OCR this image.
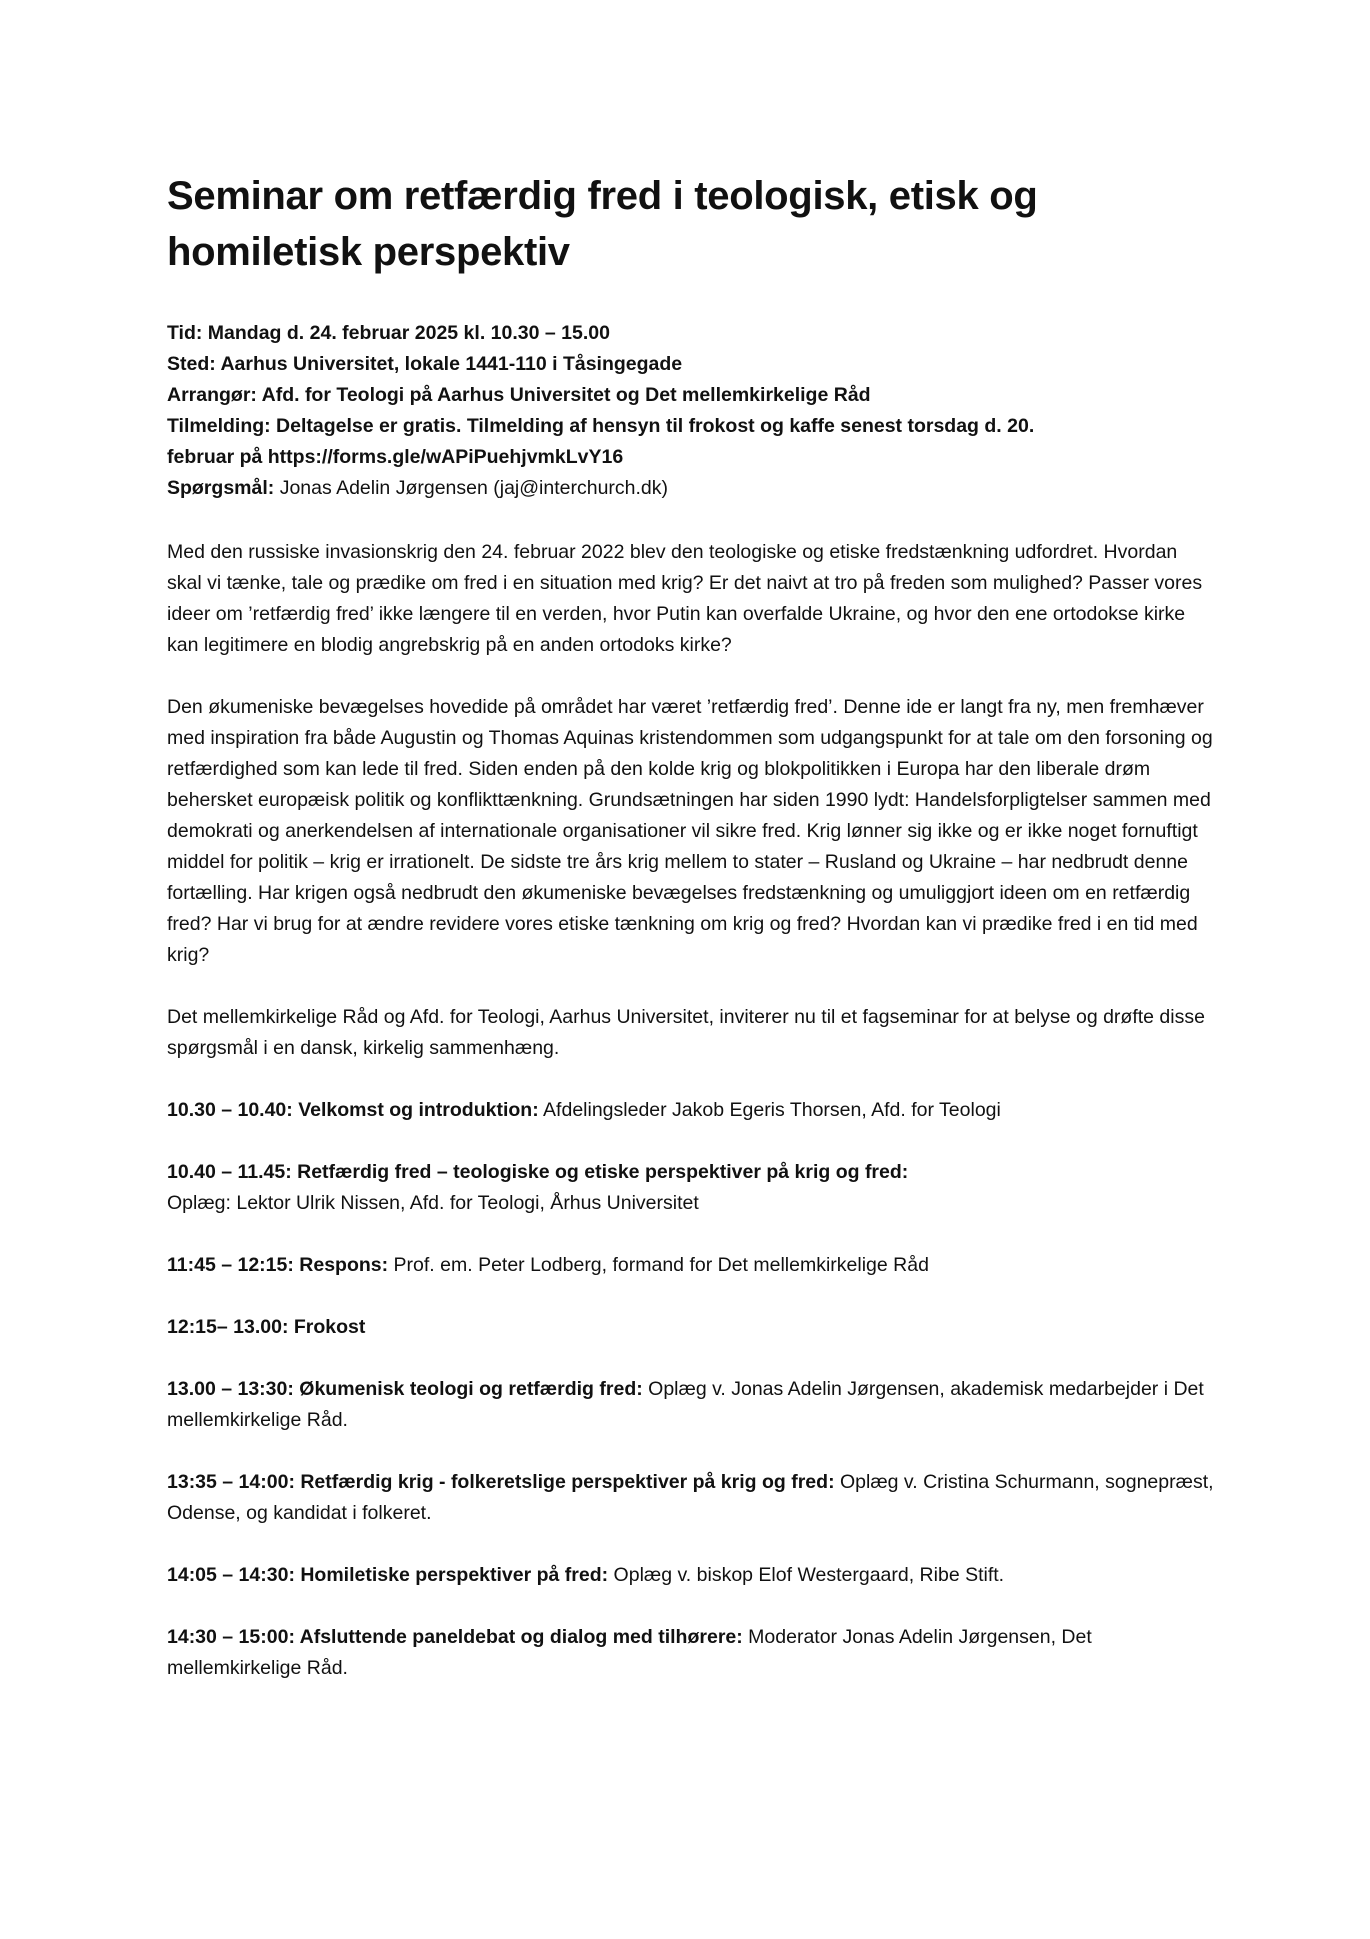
Seminar om retfærdig fred i teologisk, etisk og
homiletisk perspektiv
Tid: Mandag d. 24. februar 2025 kl. 10.30 – 15.00
Sted: Aarhus Universitet, lokale 1441-110 i Tåsingegade
Arrangør: Afd. for Teologi på Aarhus Universitet og Det mellemkirkelige Råd
Tilmelding: Deltagelse er gratis. Tilmelding af hensyn til frokost og kaffe senest torsdag d. 20.
februar på https://forms.gle/wAPiPuehjvmkLvY16
Spørgsmål: Jonas Adelin Jørgensen (jaj@interchurch.dk)

Med den russiske invasionskrig den 24. februar 2022 blev den teologiske og etiske fredstænkning udfordret. Hvordan skal vi tænke, tale og prædike om fred i en situation med krig? Er det naivt at tro på freden som mulighed? Passer vores ideer om ’retfærdig fred’ ikke længere til en verden, hvor Putin kan overfalde Ukraine, og hvor den ene ortodokse kirke kan legitimere en blodig angrebskrig på en anden ortodoks kirke?

Den økumeniske bevægelses hovedide på området har været ’retfærdig fred’. Denne ide er langt fra ny, men fremhæver med inspiration fra både Augustin og Thomas Aquinas kristendommen som udgangspunkt for at tale om den forsoning og retfærdighed som kan lede til fred. Siden enden på den kolde krig og blokpolitikken i Europa har den liberale drøm behersket europæisk politik og konflikttænkning. Grundsætningen har siden 1990 lydt: Handelsforpligtelser sammen med demokrati og anerkendelsen af internationale organisationer vil sikre fred. Krig lønner sig ikke og er ikke noget fornuftigt middel for politik – krig er irrationelt. De sidste tre års krig mellem to stater – Rusland og Ukraine – har nedbrudt denne fortælling. Har krigen også nedbrudt den økumeniske bevægelses fredstænkning og umuliggjort ideen om en retfærdig fred? Har vi brug for at ændre revidere vores etiske tænkning om krig og fred? Hvordan kan vi prædike fred i en tid med krig?

Det mellemkirkelige Råd og Afd. for Teologi, Aarhus Universitet, inviterer nu til et fagseminar for at belyse og drøfte disse spørgsmål i en dansk, kirkelig sammenhæng.

10.30 – 10.40: Velkomst og introduktion: Afdelingsleder Jakob Egeris Thorsen, Afd. for Teologi

10.40 – 11.45: Retfærdig fred – teologiske og etiske perspektiver på krig og fred:
Oplæg: Lektor Ulrik Nissen, Afd. for Teologi, Århus Universitet

11:45 – 12:15: Respons: Prof. em. Peter Lodberg, formand for Det mellemkirkelige Råd

12:15– 13.00: Frokost

13.00 – 13:30: Økumenisk teologi og retfærdig fred: Oplæg v. Jonas Adelin Jørgensen, akademisk medarbejder i Det mellemkirkelige Råd.

13:35 – 14:00: Retfærdig krig - folkeretslige perspektiver på krig og fred: Oplæg v. Cristina Schurmann, sognepræst, Odense, og kandidat i folkeret.

14:05 – 14:30: Homiletiske perspektiver på fred: Oplæg v. biskop Elof Westergaard, Ribe Stift.

14:30 – 15:00: Afsluttende paneldebat og dialog med tilhørere: Moderator Jonas Adelin Jørgensen, Det mellemkirkelige Råd.
